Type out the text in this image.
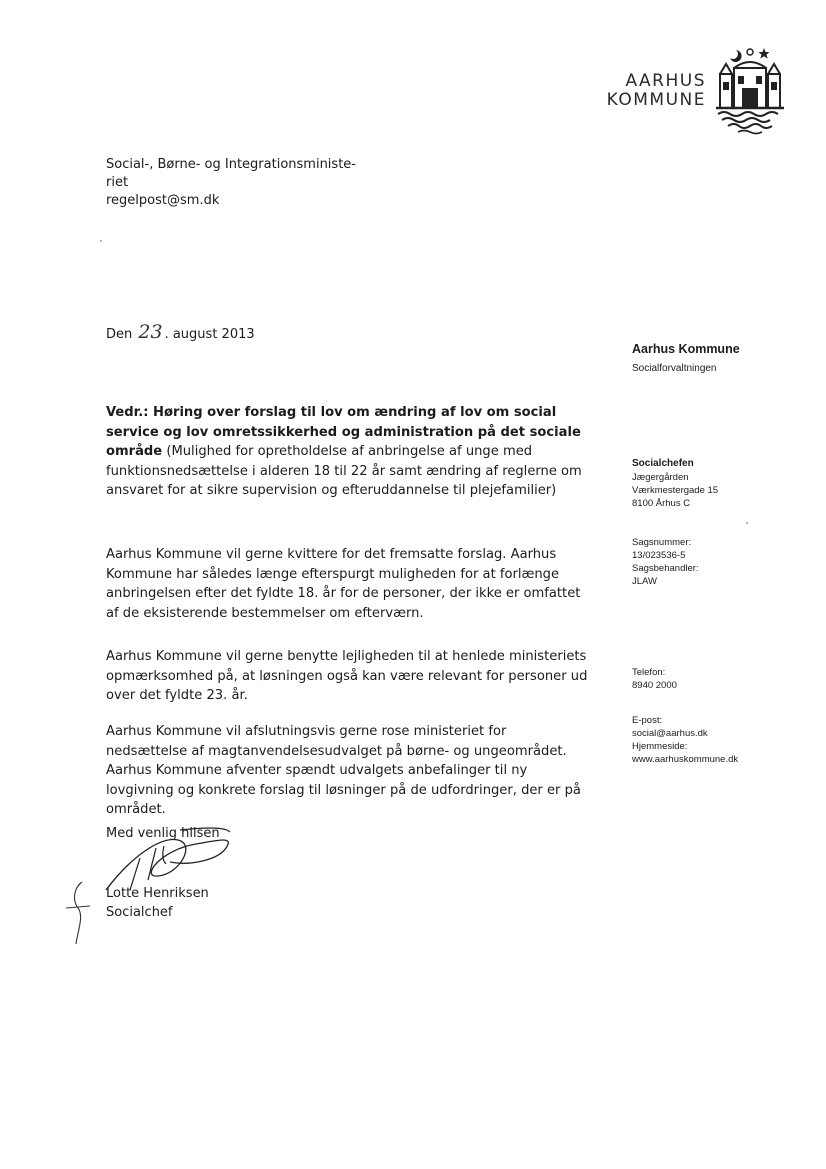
AARHUS
KOMMUNE
Social-, Børne- og Integrationsministe-
riet
regelpost@sm.dk
Den 23 . august 2013
Aarhus Kommune
Socialforvaltningen
Socialchefen
Jægergården
Værkmestergade 15
8100 Århus C
Sagsnummer:
13/023536-5
Sagsbehandler:
JLAW
Telefon:
8940 2000
E-post:
social@aarhus.dk
Hjemmeside:
www.aarhuskommune.dk
Vedr.: Høring over forslag til lov om ændring af lov om social service og lov omretssikkerhed og administration på det sociale område (Mulighed for opretholdelse af anbringelse af unge med funktionsnedsættelse i alderen 18 til 22 år samt ændring af reglerne om ansvaret for at sikre supervision og efteruddannelse til plejefamilier)

Aarhus Kommune vil gerne kvittere for det fremsatte forslag. Aarhus Kommune har således længe efterspurgt muligheden for at forlænge anbringelsen efter det fyldte 18. år for de personer, der ikke er omfattet af de eksisterende bestemmelser om efterværn.

Aarhus Kommune vil gerne benytte lejligheden til at henlede ministeriets opmærksomhed på, at løsningen også kan være relevant for personer ud over det fyldte 23. år.

Aarhus Kommune vil afslutningsvis gerne rose ministeriet for nedsættelse af magtanvendelsesudvalget på børne- og ungeområdet. Aarhus Kommune afventer spændt udvalgets anbefalinger til ny lovgivning og konkrete forslag til løsninger på de udfordringer, der er på området.

Med venlig hilsen
Lotte Henriksen
Socialchef
